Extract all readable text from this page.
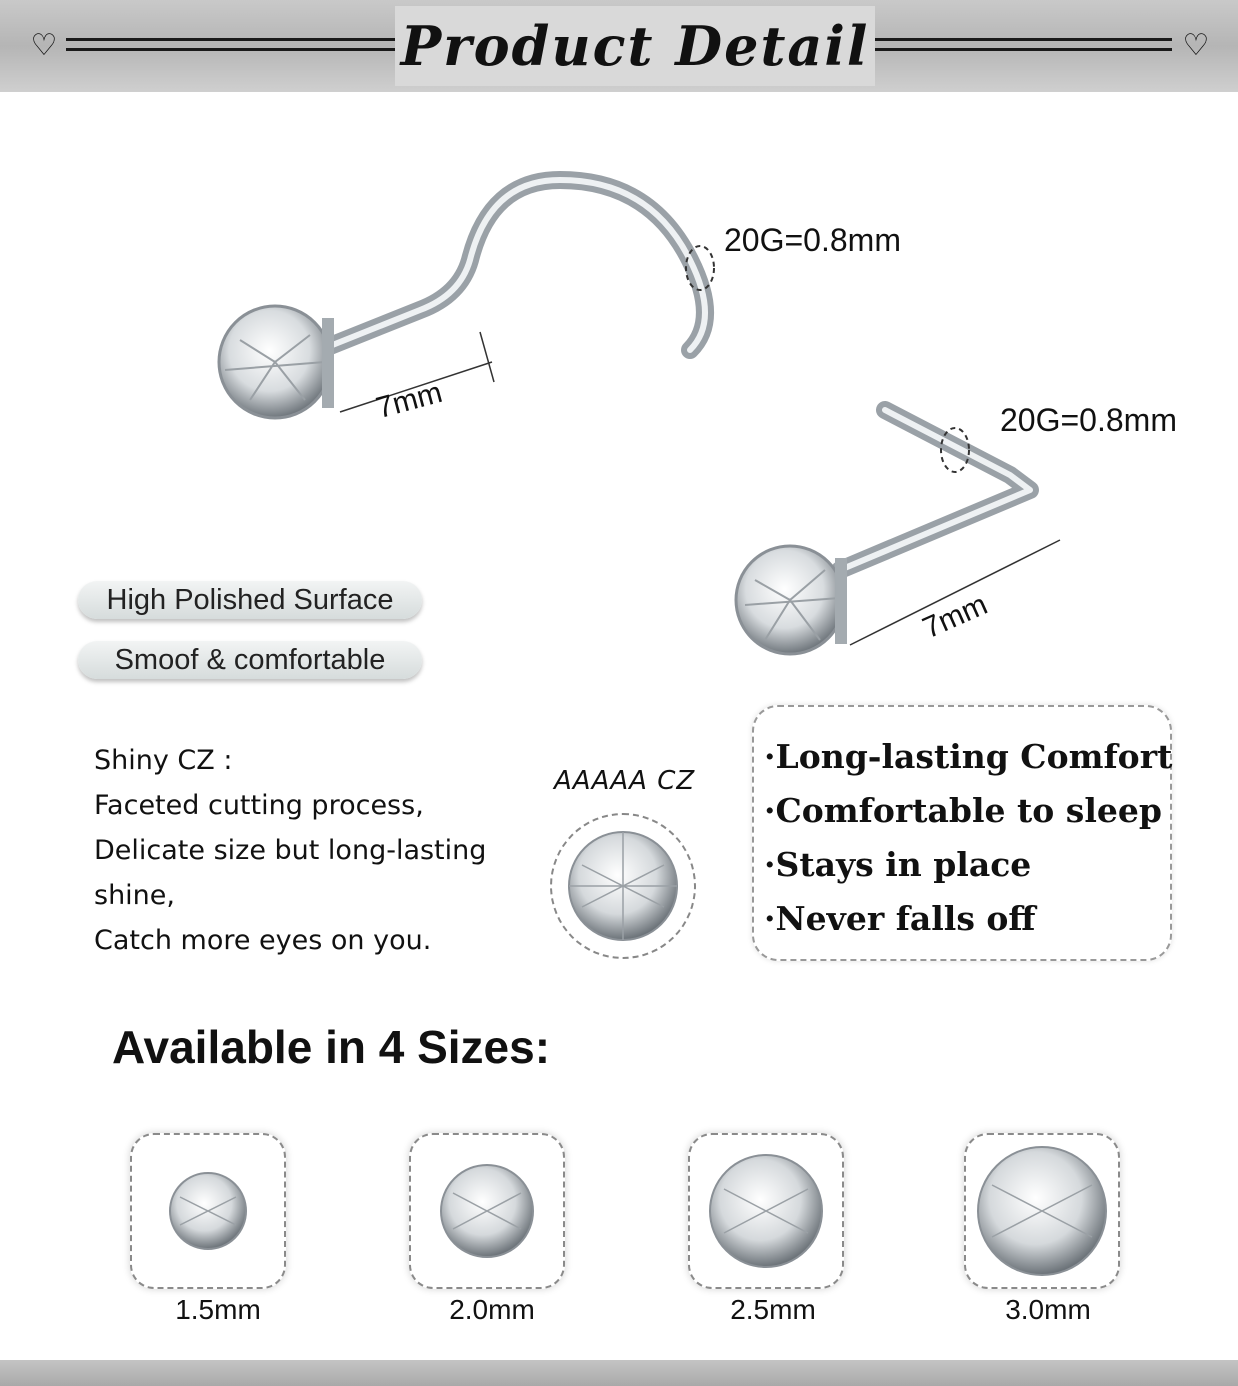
♡	♡
Product Detail
20G=0.8mm
7mm	20G=0.8mm
7mm
High Polished Surface
Smoof & comfortable
Shiny CZ :
Faceted cutting process,
Delicate size but long-lasting
shine,
Catch more eyes on you.
AAAAA CZ
·Long-lasting Comfort
·Comfortable to sleep
·Stays in place
·Never falls off
Available in 4 Sizes:
1.5mm	2.0mm	2.5mm	3.0mm
